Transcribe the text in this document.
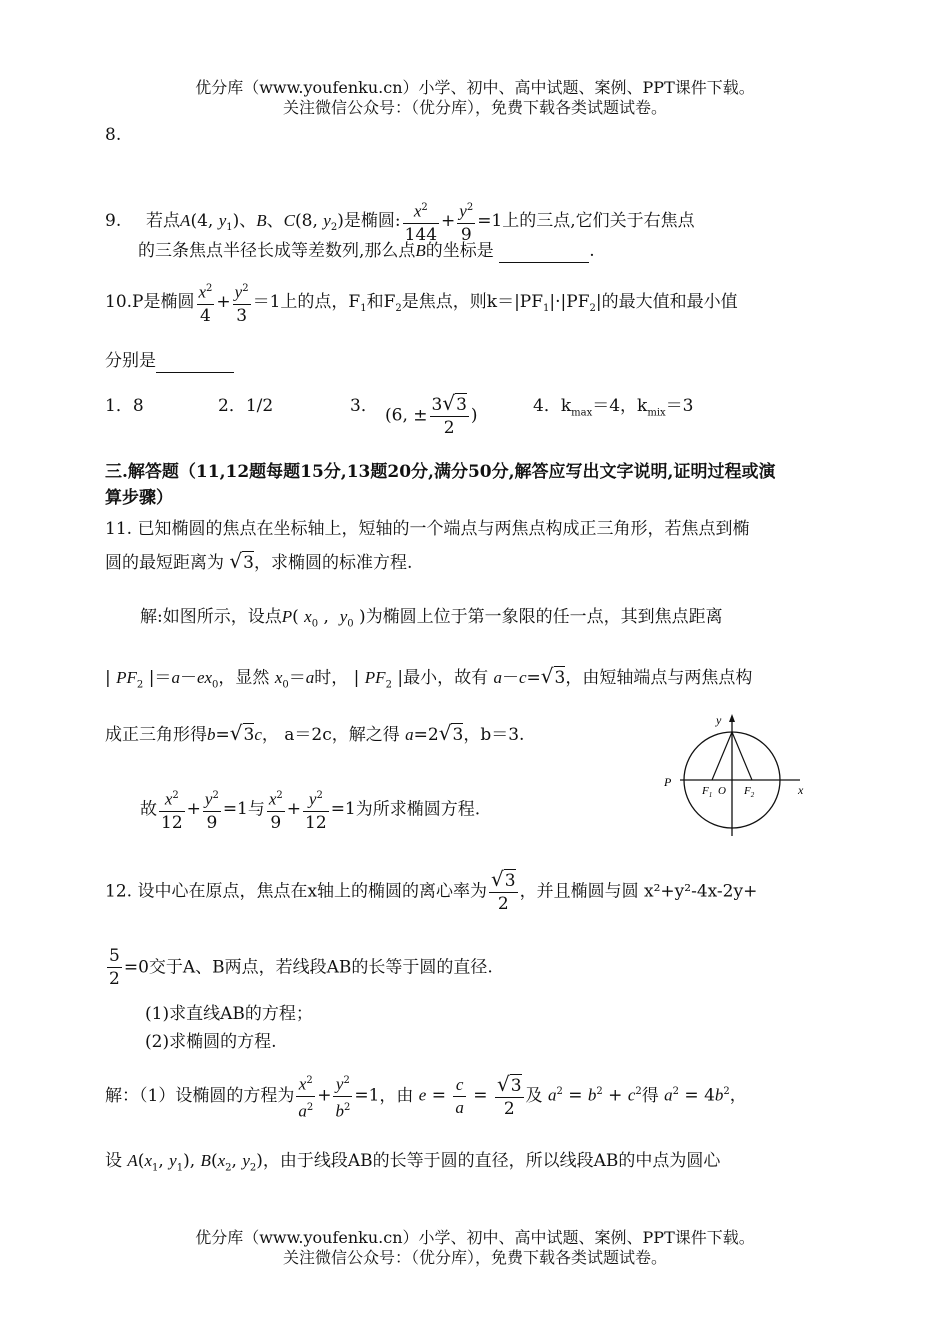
优分库（www.youfenku.cn）小学、初中、高中试题、案例、PPT课件下载。
关注微信公众号：（优分库），免费下载各类试题试卷。
8.
9. 若点A(4, $y_1$)、B、C(8, $y_2$)是椭圆: $\frac{x^2}{144} + \frac{y^2}{9} =1$上的三点,它们关于右焦点
的三条焦点半径长成等差数列,那么点B的坐标是	.
10.P是椭圆 $\frac{x^2}{4} + \frac{y^2}{3} =1$上的点，$F_1$和$F_2$是焦点，则$k=|PF_1|\cdot|PF_2|$的最大值和最小值
分别是
1．8	2．1/2	3． (6, ± $\frac{3√3}{2}$ )	4．$k_{max}=4$，$k_{mix}=3$
三.解答题（11,12题每题15分,13题20分,满分50分,解答应写出文字说明,证明过程或演
算步骤）
11. 已知椭圆的焦点在坐标轴上，短轴的一个端点与两焦点构成正三角形，若焦点到椭
圆的最短距离为 √3，求椭圆的标准方程.
解:如图所示，设点P( $x_0$ ,  $y_0$ )为椭圆上位于第一象限的任一点，其到焦点距离
| $PF_2$ $|=a-ex_0$，显然 $x_0=a$时， | $PF_2$ |最小，故有 a－c=√3，由短轴端点与两焦点构
成正三角形得b=√3c， a＝2c，解之得 a=2√3，b＝3.
故 $\frac{x^2}{12} + \frac{y^2}{9} =1$与 $\frac{x^2}{9} + \frac{y^2}{12} =1$为所求椭圆方程.
y
x
P
$F_1$ O $F_2$
12. 设中心在原点，焦点在x轴上的椭圆的离心率为 $\frac{√3}{2}$ ，并且椭圆与圆 x²+y²-4x-2y+
$\frac{5}{2} =0$交于A、B两点，若线段AB的长等于圆的直径.
(1)求直线AB的方程；
(2)求椭圆的方程.
解：（1）设椭圆的方程为 $\frac{x^2}{a^2} + \frac{y^2}{b^2} =1$，由 $e = \frac{c}{a} = \frac{√3}{2}$ 及 $a^2 = b^2 + c^2$得 $a^2 = 4b^2$，
设 $A(x_1$, $y_1$), $B(x_2$, $y_2$)，由于线段AB的长等于圆的直径，所以线段AB的中点为圆心
优分库（www.youfenku.cn）小学、初中、高中试题、案例、PPT课件下载。
关注微信公众号：（优分库），免费下载各类试题试卷。
